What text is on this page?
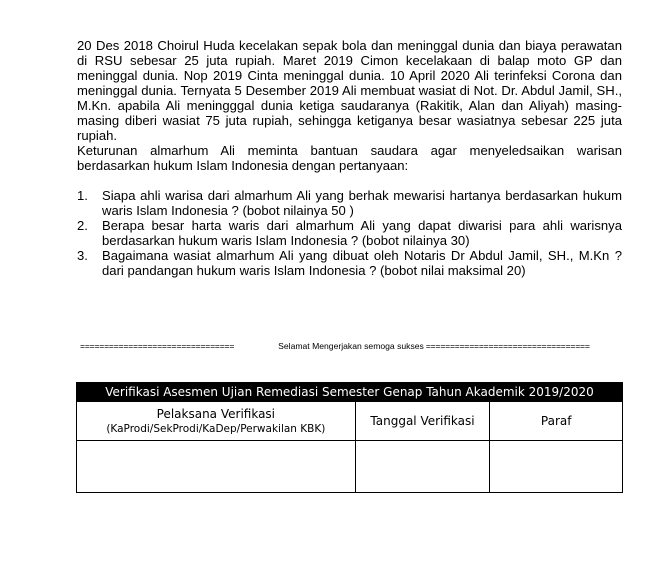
20 Des 2018 Choirul Huda kecelakan sepak bola dan meninggal dunia dan biaya perawatan di RSU sebesar 25 juta rupiah. Maret 2019 Cimon kecelakaan di balap moto GP dan meninggal dunia. Nop 2019 Cinta meninggal dunia. 10 April 2020 Ali terinfeksi Corona dan meninggal dunia. Ternyata 5 Desember 2019 Ali membuat wasiat di Not. Dr. Abdul Jamil, SH., M.Kn. apabila Ali meningggal dunia ketiga saudaranya (Rakitik, Alan dan Aliyah) masing-masing diberi wasiat 75 juta rupiah, sehingga ketiganya besar wasiatnya sebesar 225 juta rupiah.

Keturunan almarhum Ali meminta bantuan saudara agar menyeledsaikan warisan berdasarkan hukum Islam Indonesia dengan pertanyaan:

1. Siapa ahli warisa dari almarhum Ali yang berhak mewarisi hartanya berdasarkan hukum waris Islam Indonesia ? (bobot nilainya 50 )
2. Berapa besar harta waris dari almarhum Ali yang dapat diwarisi para ahli warisnya berdasarkan hukum waris Islam Indonesia ? (bobot nilainya 30)
3. Bagaimana wasiat almarhum Ali yang dibuat oleh Notaris Dr Abdul Jamil, SH., M.Kn ? dari pandangan hukum waris Islam Indonesia ? (bobot nilai maksimal 20)
================================	Selamat Mengerjakan semoga sukses ==================================
Verifikasi Asesmen Ujian Remediasi Semester Genap Tahun Akademik 2019/2020		
Pelaksana Verifikasi
(KaProdi/SekProdi/KaDep/Perwakilan KBK)	Tanggal Verifikasi	Paraf
